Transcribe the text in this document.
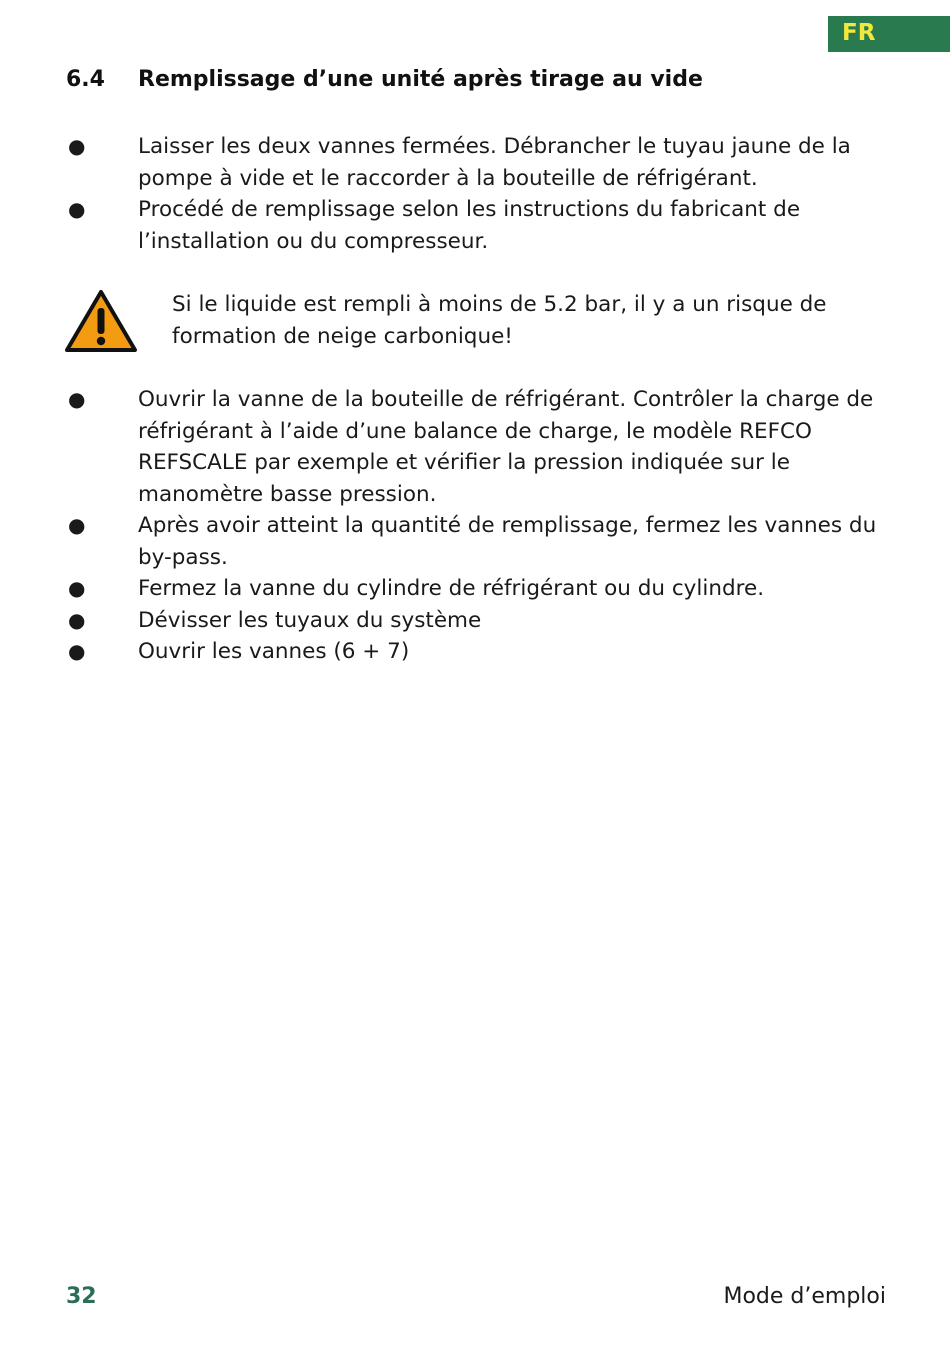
FR
6.4 Remplissage d’une unité après tirage au vide
● Laisser les deux vannes fermées. Débrancher le tuyau jaune de la pompe à vide et le raccorder à la bouteille de réfrigérant.
● Procédé de remplissage selon les instructions du fabricant de l’installation ou du compresseur.
Si le liquide est rempli à moins de 5.2 bar, il y a un risque de formation de neige carbonique!
● Ouvrir la vanne de la bouteille de réfrigérant. Contrôler la charge de réfrigérant à l’aide d’une balance de charge, le modèle REFCO REFSCALE par exemple et vérifier la pression indiquée sur le manomètre basse pression.
● Après avoir atteint la quantité de remplissage, fermez les vannes du by-pass.
● Fermez la vanne du cylindre de réfrigérant ou du cylindre.
● Dévisser les tuyaux du système
● Ouvrir les vannes (6 + 7)
32	Mode d’emploi
